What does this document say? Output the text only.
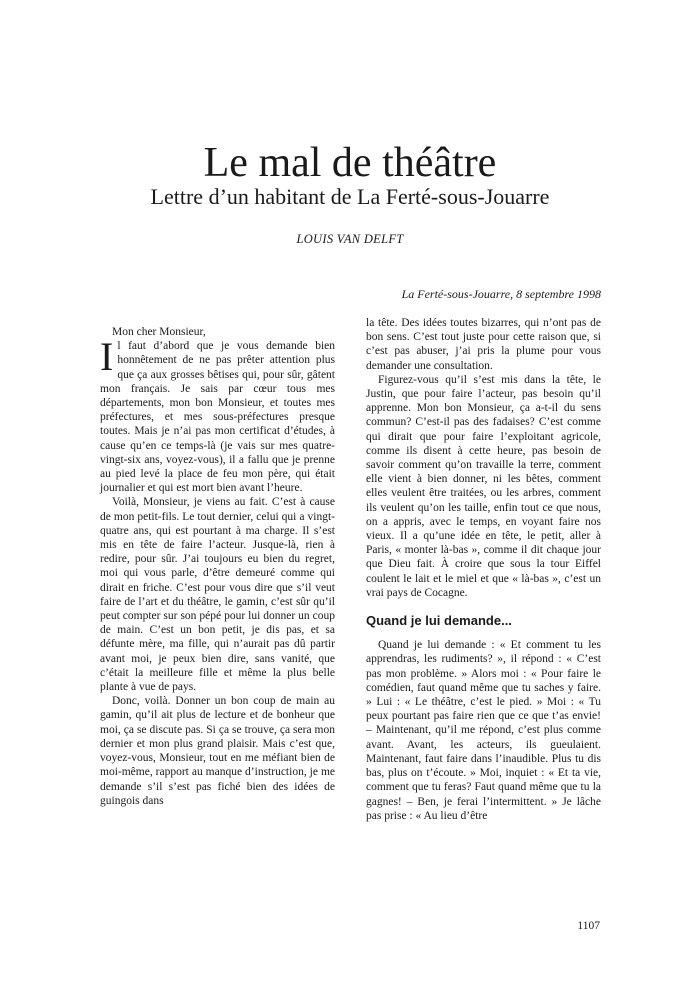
Le mal de théâtre
Lettre d’un habitant de La Ferté-sous-Jouarre
LOUIS VAN DELFT
La Ferté-sous-Jouarre, 8 septembre 1998

Mon cher Monsieur,

Il faut d’abord que je vous demande bien honnêtement de ne pas prêter attention plus que ça aux grosses bêtises qui, pour sûr, gâtent mon français. Je sais par cœur tous mes départements, mon bon Monsieur, et toutes mes préfectures, et mes sous-préfectures presque toutes. Mais je n’ai pas mon certificat d’études, à cause qu’en ce temps-là (je vais sur mes quatre-vingt-six ans, voyez-vous), il a fallu que je prenne au pied levé la place de feu mon père, qui était journalier et qui est mort bien avant l’heure.

Voilà, Monsieur, je viens au fait. C’est à cause de mon petit-fils. Le tout dernier, celui qui a vingt-quatre ans, qui est pourtant à ma charge. Il s’est mis en tête de faire l’acteur. Jusque-là, rien à redire, pour sûr. J’ai toujours eu bien du regret, moi qui vous parle, d’être demeuré comme qui dirait en friche. C’est pour vous dire que s’il veut faire de l’art et du théâtre, le gamin, c’est sûr qu’il peut compter sur son pépé pour lui donner un coup de main. C’est un bon petit, je dis pas, et sa défunte mère, ma fille, qui n’aurait pas dû partir avant moi, je peux bien dire, sans vanité, que c’était la meilleure fille et même la plus belle plante à vue de pays.

Donc, voilà. Donner un bon coup de main au gamin, qu’il ait plus de lecture et de bonheur que moi, ça se discute pas. Si ça se trouve, ça sera mon dernier et mon plus grand plaisir. Mais c’est que, voyez-vous, Monsieur, tout en me méfiant bien de moi-même, rapport au manque d’instruction, je me demande s’il s’est pas fiché bien des idées de guingois dans

la tête. Des idées toutes bizarres, qui n’ont pas de bon sens. C’est tout juste pour cette raison que, si c’est pas abuser, j’ai pris la plume pour vous demander une consultation.

Figurez-vous qu’il s’est mis dans la tête, le Justin, que pour faire l’acteur, pas besoin qu’il apprenne. Mon bon Monsieur, ça a-t-il du sens commun? C’est-il pas des fadaises? C’est comme qui dirait que pour faire l’exploitant agricole, comme ils disent à cette heure, pas besoin de savoir comment qu’on travaille la terre, comment elle vient à bien donner, ni les bêtes, comment elles veulent être traitées, ou les arbres, comment ils veulent qu’on les taille, enfin tout ce que nous, on a appris, avec le temps, en voyant faire nos vieux. Il a qu’une idée en tête, le petit, aller à Paris, « monter là-bas », comme il dit chaque jour que Dieu fait. À croire que sous la tour Eiffel coulent le lait et le miel et que « là-bas », c’est un vrai pays de Cocagne.

Quand je lui demande...

Quand je lui demande : « Et comment tu les apprendras, les rudiments? », il répond : « C’est pas mon problème. » Alors moi : « Pour faire le comédien, faut quand même que tu saches y faire. » Lui : « Le théâtre, c’est le pied. » Moi : « Tu peux pourtant pas faire rien que ce que t’as envie! – Maintenant, qu’il me répond, c’est plus comme avant. Avant, les acteurs, ils gueulaient. Maintenant, faut faire dans l’inaudible. Plus tu dis bas, plus on t’écoute. » Moi, inquiet : « Et ta vie, comment que tu feras? Faut quand même que tu la gagnes! – Ben, je ferai l’intermittent. » Je lâche pas prise : « Au lieu d’être

1107
